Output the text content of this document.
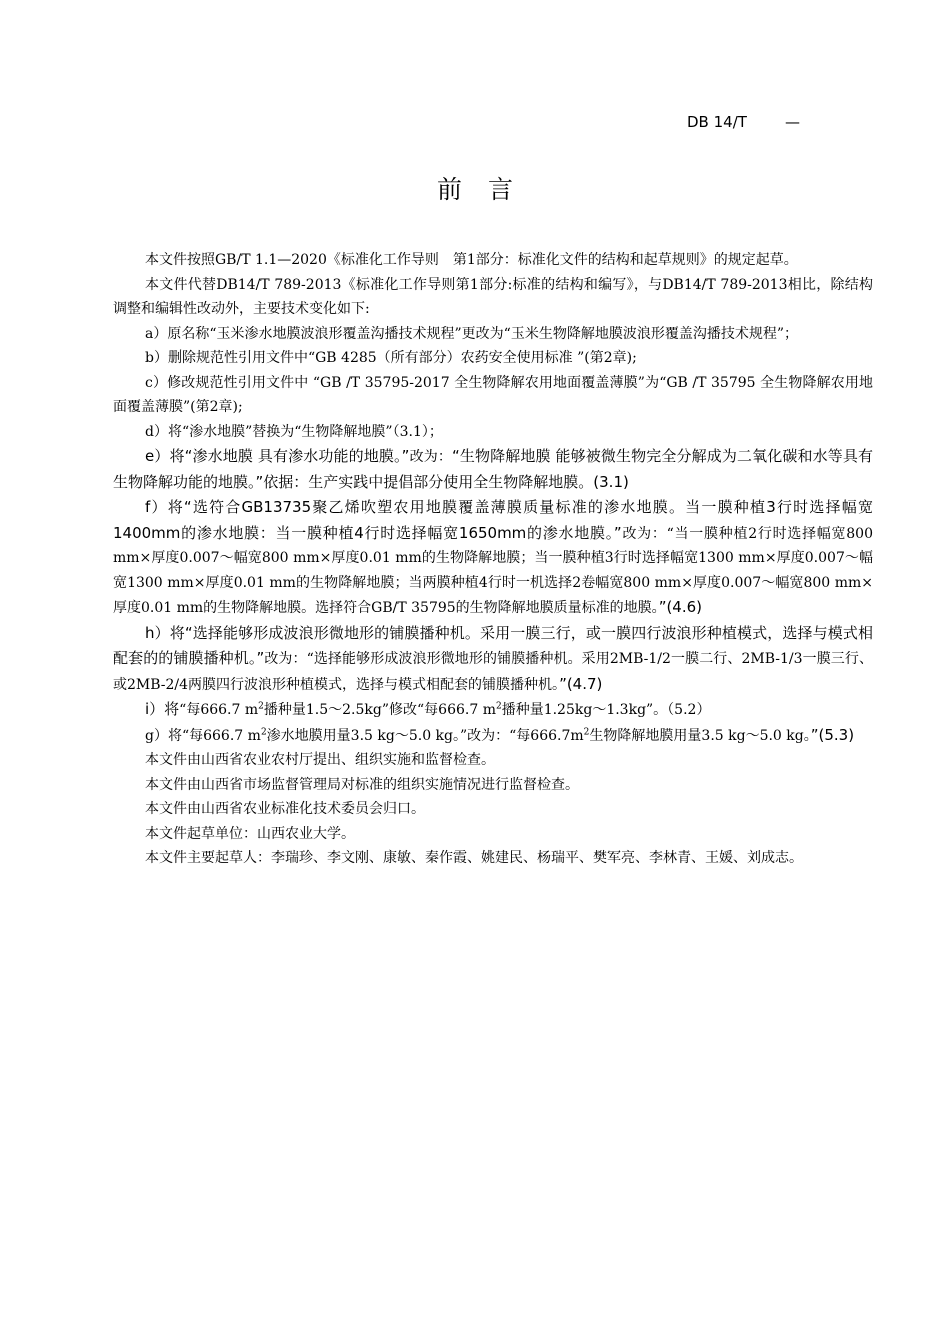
DB 14/T        —
前言

本文件按照GB/T 1.1—2020《标准化工作导则　第1部分：标准化文件的结构和起草规则》的规定起草。

本文件代替DB14/T 789-2013《标准化工作导则第1部分:标准的结构和编写》，与DB14/T 789-2013相比，除结构调整和编辑性改动外，主要技术变化如下:

a）原名称“玉米渗水地膜波浪形覆盖沟播技术规程”更改为“玉米生物降解地膜波浪形覆盖沟播技术规程”；

b）删除规范性引用文件中“GB 4285（所有部分）农药安全使用标准 ”(第2章);

c）修改规范性引用文件中 “GB /T 35795-2017 全生物降解农用地面覆盖薄膜”为“GB /T 35795 全生物降解农用地面覆盖薄膜”(第2章);

d）将“渗水地膜”替换为“生物降解地膜”（3.1）；

e）将“渗水地膜 具有渗水功能的地膜。”改为：“生物降解地膜 能够被微生物完全分解成为二氧化碳和水等具有生物降解功能的地膜。”依据：生产实践中提倡部分使用全生物降解地膜。(3.1)

f）将“选符合GB13735聚乙烯吹塑农用地膜覆盖薄膜质量标准的渗水地膜。当一膜种植3行时选择幅宽1400mm的渗水地膜：当一膜种植4行时选择幅宽1650mm的渗水地膜。”改为：“当一膜种植2行时选择幅宽800 mm×厚度0.007～幅宽800 mm×厚度0.01 mm的生物降解地膜；当一膜种植3行时选择幅宽1300 mm×厚度0.007～幅宽1300 mm×厚度0.01 mm的生物降解地膜；当两膜种植4行时一机选择2卷幅宽800 mm×厚度0.007～幅宽800 mm×厚度0.01 mm的生物降解地膜。选择符合GB/T 35795的生物降解地膜质量标准的地膜。”(4.6)

h）将“选择能够形成波浪形微地形的铺膜播种机。采用一膜三行，或一膜四行波浪形种植模式，选择与模式相配套的的铺膜播种机。”改为：“选择能够形成波浪形微地形的铺膜播种机。采用2MB-1/2一膜二行、2MB-1/3一膜三行、或2MB-2/4两膜四行波浪形种植模式，选择与模式相配套的铺膜播种机。”(4.7)

i）将“每666.7 $m^2$播种量1.5～2.5kg”修改“每666.7 $m^2$播种量1.25kg～1.3kg”。（5.2）

g）将“每666.7 $m^2$渗水地膜用量3.5 kg～5.0 kg。”改为：“每$666.7m^2$生物降解地膜用量3.5 kg～5.0 kg。”(5.3)

本文件由山西省农业农村厅提出、组织实施和监督检查。

本文件由山西省市场监督管理局对标准的组织实施情况进行监督检查。

本文件由山西省农业标准化技术委员会归口。

本文件起草单位：山西农业大学。

本文件主要起草人：李瑞珍、李文刚、康敏、秦作霞、姚建民、杨瑞平、樊军亮、李林青、王媛、刘成志。
